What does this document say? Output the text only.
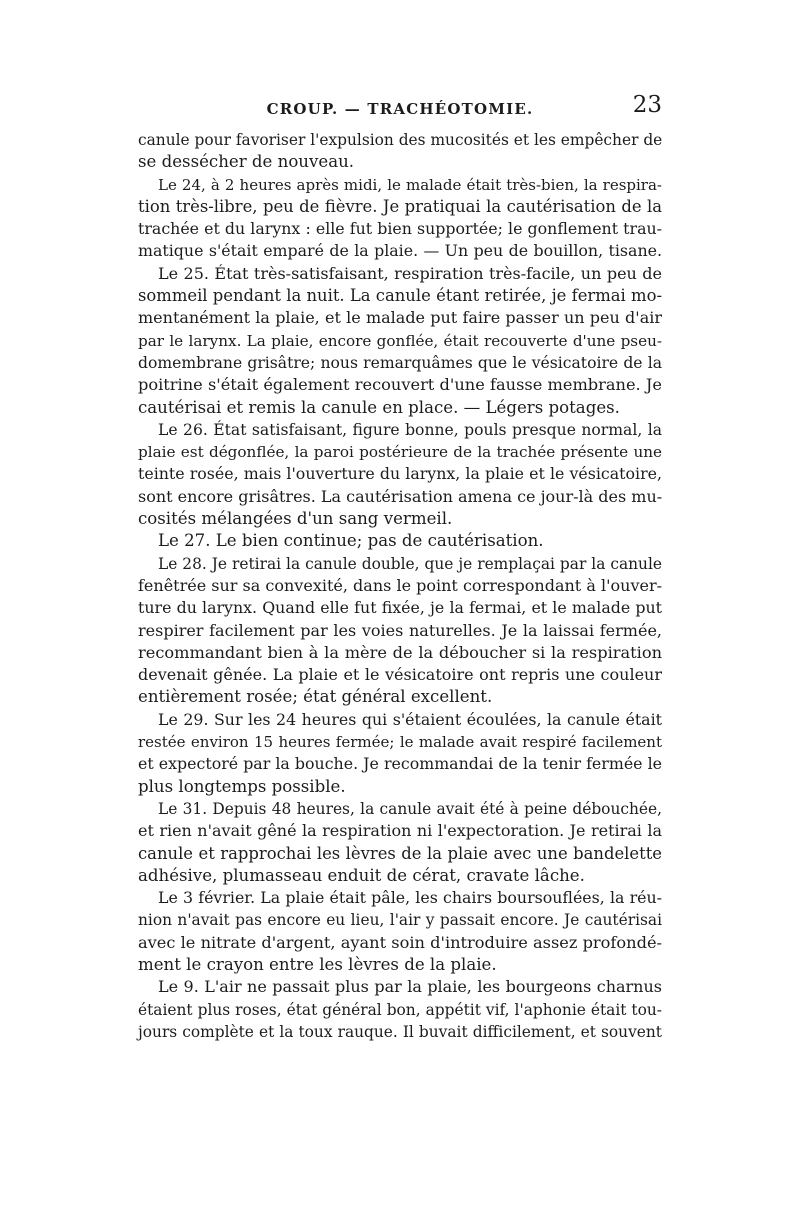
CROUP. — TRACHÉOTOMIE.	23
canule pour favoriser l'expulsion des mucosités et les empêcher de
se dessécher de nouveau.
Le 24, à 2 heures après midi, le malade était très-bien, la respira-
tion très-libre, peu de fièvre. Je pratiquai la cautérisation de la
trachée et du larynx : elle fut bien supportée; le gonflement trau-
matique s'était emparé de la plaie. — Un peu de bouillon, tisane.
Le 25. État très-satisfaisant, respiration très-facile, un peu de
sommeil pendant la nuit. La canule étant retirée, je fermai mo-
mentanément la plaie, et le malade put faire passer un peu d'air
par le larynx. La plaie, encore gonflée, était recouverte d'une pseu-
domembrane grisâtre; nous remarquâmes que le vésicatoire de la
poitrine s'était également recouvert d'une fausse membrane. Je
cautérisai et remis la canule en place. — Légers potages.
Le 26. État satisfaisant, figure bonne, pouls presque normal, la
plaie est dégonflée, la paroi postérieure de la trachée présente une
teinte rosée, mais l'ouverture du larynx, la plaie et le vésicatoire,
sont encore grisâtres. La cautérisation amena ce jour-là des mu-
cosités mélangées d'un sang vermeil.
Le 27. Le bien continue; pas de cautérisation.
Le 28. Je retirai la canule double, que je remplaçai par la canule
fenêtrée sur sa convexité, dans le point correspondant à l'ouver-
ture du larynx. Quand elle fut fixée, je la fermai, et le malade put
respirer facilement par les voies naturelles. Je la laissai fermée,
recommandant bien à la mère de la déboucher si la respiration
devenait gênée. La plaie et le vésicatoire ont repris une couleur
entièrement rosée; état général excellent.
Le 29. Sur les 24 heures qui s'étaient écoulées, la canule était
restée environ 15 heures fermée; le malade avait respiré facilement
et expectoré par la bouche. Je recommandai de la tenir fermée le
plus longtemps possible.
Le 31. Depuis 48 heures, la canule avait été à peine débouchée,
et rien n'avait gêné la respiration ni l'expectoration. Je retirai la
canule et rapprochai les lèvres de la plaie avec une bandelette
adhésive, plumasseau enduit de cérat, cravate lâche.
Le 3 février. La plaie était pâle, les chairs boursouflées, la réu-
nion n'avait pas encore eu lieu, l'air y passait encore. Je cautérisai
avec le nitrate d'argent, ayant soin d'introduire assez profondé-
ment le crayon entre les lèvres de la plaie.
Le 9. L'air ne passait plus par la plaie, les bourgeons charnus
étaient plus roses, état général bon, appétit vif, l'aphonie était tou-
jours complète et la toux rauque. Il buvait difficilement, et souvent
